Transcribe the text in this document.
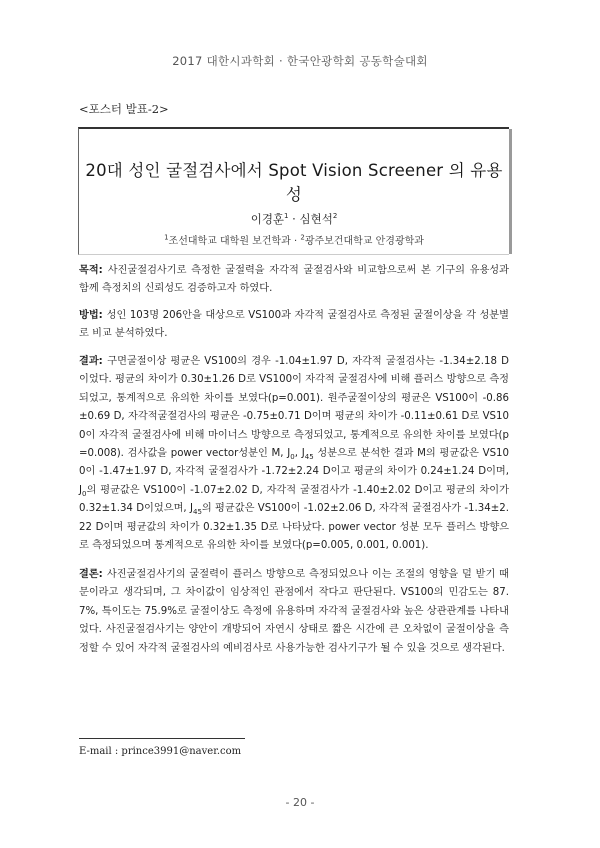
2017 대한시과학회 · 한국안광학회 공동학술대회
<포스터 발표-2>
20대 성인 굴절검사에서 Spot Vision Screener 의 유용성
이경훈$^1$ · 심현석$^2$
$^1$조선대학교 대학원 보건학과 · $^2$광주보건대학교 안경광학과
목적: 사진굴절검사기로 측정한 굴절력을 자각적 굴절검사와 비교함으로써 본 기구의 유용성과 함께 측정치의 신뢰성도 검증하고자 하였다.
방법: 성인 103명 206안을 대상으로 VS100과 자각적 굴절검사로 측정된 굴절이상을 각 성분별로 비교 분석하였다.
결과: 구면굴절이상 평균은 VS100의 경우 -1.04±1.97 D, 자각적 굴절검사는 -1.34±2.18 D이었다. 평균의 차이가 0.30±1.26 D로 VS100이 자각적 굴절검사에 비해 플러스 방향으로 측정되었고, 통계적으로 유의한 차이를 보였다(p=0.001). 원주굴절이상의 평균은 VS100이 -0.86±0.69 D, 자각적굴절검사의 평균은 -0.75±0.71 D이며 평균의 차이가 -0.11±0.61 D로 VS100이 자각적 굴절검사에 비해 마이너스 방향으로 측정되었고, 통계적으로 유의한 차이를 보였다(p=0.008). 검사값을 power vector성분인 M, $J_0$, $J_{45}$ 성분으로 분석한 결과 M의 평균값은 VS100이 -1.47±1.97 D, 자각적 굴절검사가 -1.72±2.24 D이고 평균의 차이가 0.24±1.24 D이며, $J_0$의 평균값은 VS100이 -1.07±2.02 D, 자각적 굴절검사가 -1.40±2.02 D이고 평균의 차이가 0.32±1.34 D이었으며, $J_{45}$의 평균값은 VS100이 -1.02±2.06 D, 자각적 굴절검사가 -1.34±2.22 D이며 평균값의 차이가 0.32±1.35 D로 나타났다. power vector 성분 모두 플러스 방향으로 측정되었으며 통계적으로 유의한 차이를 보였다(p=0.005, 0.001, 0.001).
결론: 사진굴절검사기의 굴절력이 플러스 방향으로 측정되었으나 이는 조절의 영향을 덜 받기 때문이라고 생각되며, 그 차이값이 임상적인 관점에서 작다고 판단된다. VS100의 민감도는 87.7%, 특이도는 75.9%로 굴절이상도 측정에 유용하며 자각적 굴절검사와 높은 상관관계를 나타내었다. 사진굴절검사기는 양안이 개방되어 자연시 상태로 짧은 시간에 큰 오차없이 굴절이상을 측정할 수 있어 자각적 굴절검사의 예비검사로 사용가능한 검사기구가 될 수 있을 것으로 생각된다.
E-mail : prince3991@naver.com
- 20 -
